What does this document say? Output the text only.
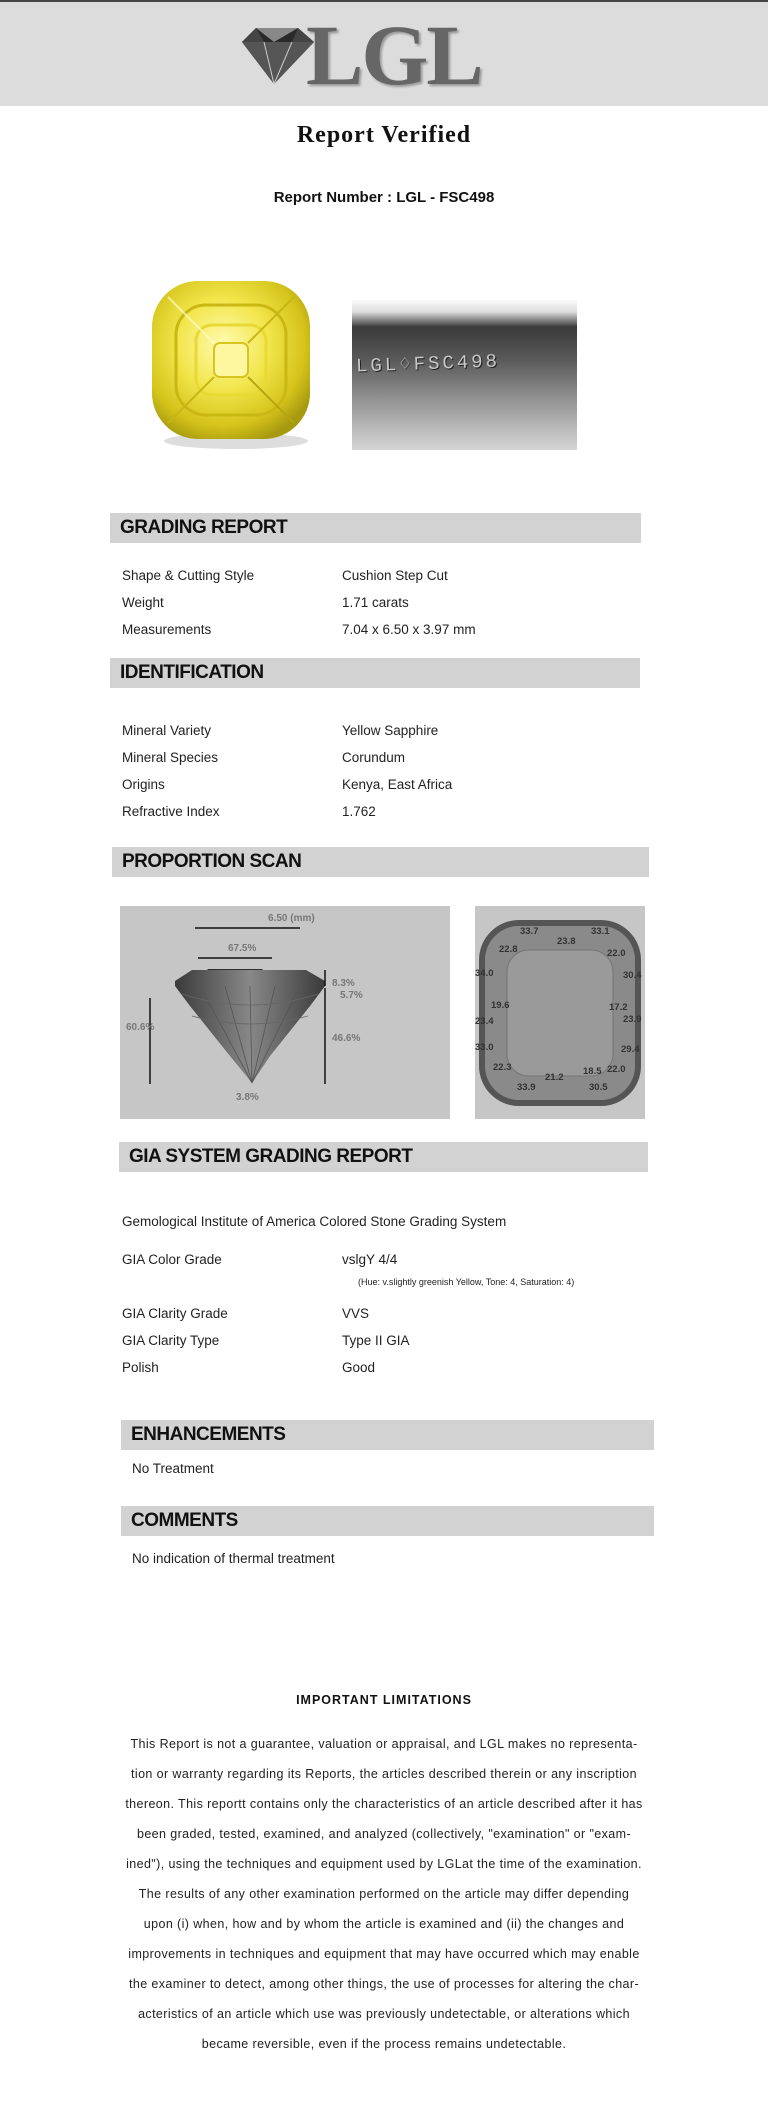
LGL
Report Verified
Report Number : LGL - FSC498
LGL♢FSC498
GRADING REPORT
Shape & Cutting Style	Cushion Step Cut
Weight	1.71 carats
Measurements	7.04 x 6.50 x 3.97 mm
IDENTIFICATION
Mineral Variety	Yellow Sapphire
Mineral Species	Corundum
Origins	Kenya, East Africa
Refractive Index	1.762
PROPORTION SCAN
6.50 (mm)
67.5%
60.6%
8.3%
5.7%
46.6%
3.8%
33.7
23.8
33.1
22.8	22.0
34.0	30.4
19.6	17.2
23.4	23.9
33.0	29.4
22.3	18.5 22.0
21.2
33.9	30.5
GIA SYSTEM GRADING REPORT
Gemological Institute of America Colored Stone Grading System
GIA Color Grade	vslgY 4/4
(Hue: v.slightly greenish Yellow, Tone: 4, Saturation: 4)
GIA Clarity Grade	VVS
GIA Clarity Type	Type II GIA
Polish	Good
ENHANCEMENTS
No Treatment
COMMENTS
No indication of thermal treatment
IMPORTANT LIMITATIONS
This Report is not a guarantee, valuation or appraisal, and LGL makes no representa-
tion or warranty regarding its Reports, the articles described therein or any inscription
thereon. This reportt contains only the characteristics of an article described after it has
been graded, tested, examined, and analyzed (collectively, "examination" or "exam-
ined"), using the techniques and equipment used by LGLat the time of the examination.
The results of any other examination performed on the article may differ depending
upon (i) when, how and by whom the article is examined and (ii) the changes and
improvements in techniques and equipment that may have occurred which may enable
the examiner to detect, among other things, the use of processes for altering the char-
acteristics of an article which use was previously undetectable, or alterations which
became reversible, even if the process remains undetectable.
